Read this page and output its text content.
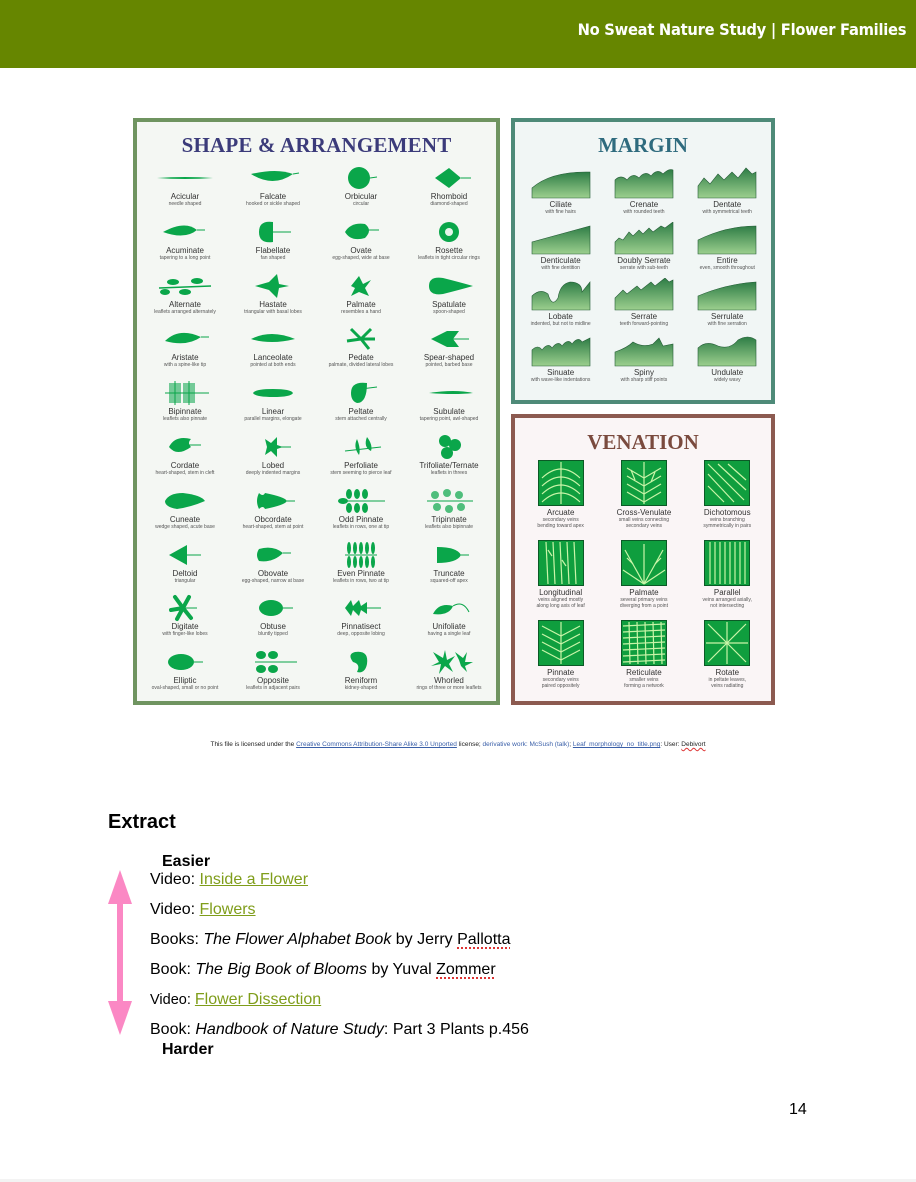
No Sweat Nature Study | Flower Families
SHAPE & ARRANGEMENT
Acicular
needle shaped
Falcate
hooked or sickle shaped
Orbicular
circular
Rhomboid
diamond-shaped
Acuminate
tapering to a long point
Flabellate
fan shaped
Ovate
egg-shaped, wide at base
Rosette
leaflets in tight circular rings
Alternate
leaflets arranged alternately
Hastate
triangular with basal lobes
Palmate
resembles a hand
Spatulate
spoon-shaped
Aristate
with a spine-like tip
Lanceolate
pointed at both ends
Pedate
palmate, divided lateral lobes
Spear-shaped
pointed, barbed base
Bipinnate
leaflets also pinnate
Linear
parallel margins, elongate
Peltate
stem attached centrally
Subulate
tapering point, awl-shaped
Cordate
heart-shaped, stem in cleft
Lobed
deeply indented margins
Perfoliate
stem seeming to pierce leaf
Trifoliate/Ternate
leaflets in threes
Cuneate
wedge shaped, acute base
Obcordate
heart-shaped, stem at point
Odd Pinnate
leaflets in rows, one at tip
Tripinnate
leaflets also bipinnate
Deltoid
triangular
Obovate
egg-shaped, narrow at base
Even Pinnate
leaflets in rows, two at tip
Truncate
squared-off apex
Digitate
with finger-like lobes
Obtuse
bluntly tipped
Pinnatisect
deep, opposite lobing
Unifoliate
having a single leaf
Elliptic
oval-shaped, small or no point
Opposite
leaflets in adjacent pairs
Reniform
kidney-shaped
Whorled
rings of three or more leaflets
MARGIN
Ciliate
with fine hairs
Crenate
with rounded teeth
Dentate
with symmetrical teeth
Denticulate
with fine dentition
Doubly Serrate
serrate with sub-teeth
Entire
even, smooth throughout
Lobate
indented, but not to midline
Serrate
teeth forward-pointing
Serrulate
with fine serration
Sinuate
with wave-like indentations
Spiny
with sharp stiff points
Undulate
widely wavy
VENATION
Arcuate
secondary veins
bending toward apex
Cross-Venulate
small veins connecting
secondary veins
Dichotomous
veins branching
symmetrically in pairs
Longitudinal
veins aligned mostly
along long axis of leaf
Palmate
several primary veins
diverging from a point
Parallel
veins arranged axially,
not intersecting
Pinnate
secondary veins
paired oppositely
Reticulate
smaller veins
forming a network
Rotate
in peltate leaves,
veins radiating
This file is licensed under the Creative Commons Attribution-Share Alike 3.0 Unported license; derivative work: McSush (talk); Leaf_morphology_no_title.png: User: Debivort
Extract
Easier
Video: Inside a Flower
Video: Flowers
Books: The Flower Alphabet Book by Jerry Pallotta
Book: The Big Book of Blooms by Yuval Zommer
Video: Flower Dissection
Book: Handbook of Nature Study: Part 3 Plants p.456
Harder
14
